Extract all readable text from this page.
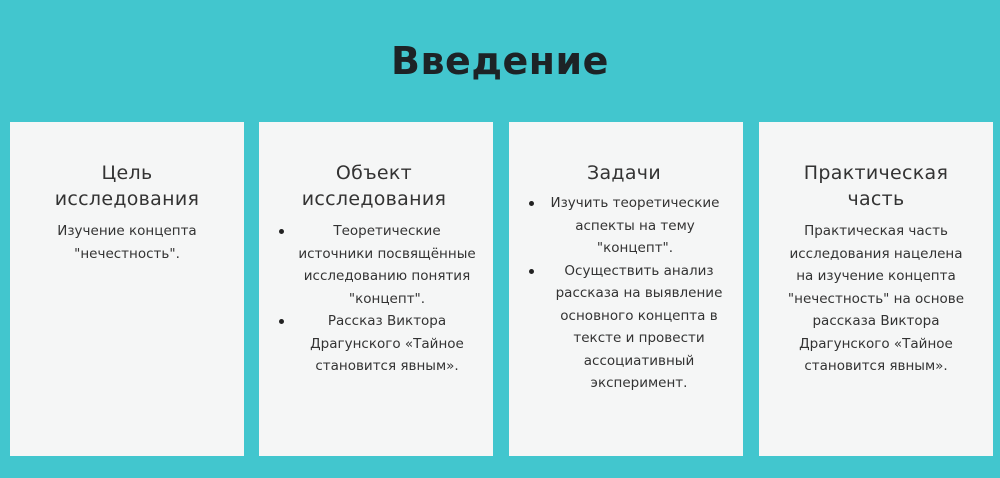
Введение
Цель
исследования

Изучение концепта "нечестность".

Объект
исследования
Теоретические источники посвящённые исследованию понятия "концепт".
Рассказ Виктора Драгунского «Тайное становится явным».
Задачи
Изучить теоретические аспекты на тему "концепт".
Осуществить анализ рассказа на выявление основного концепта в тексте и провести ассоциативный эксперимент.
Практическая
часть

Практическая часть исследования нацелена на изучение концепта "нечестность" на основе рассказа Виктора Драгунского «Тайное становится явным».
